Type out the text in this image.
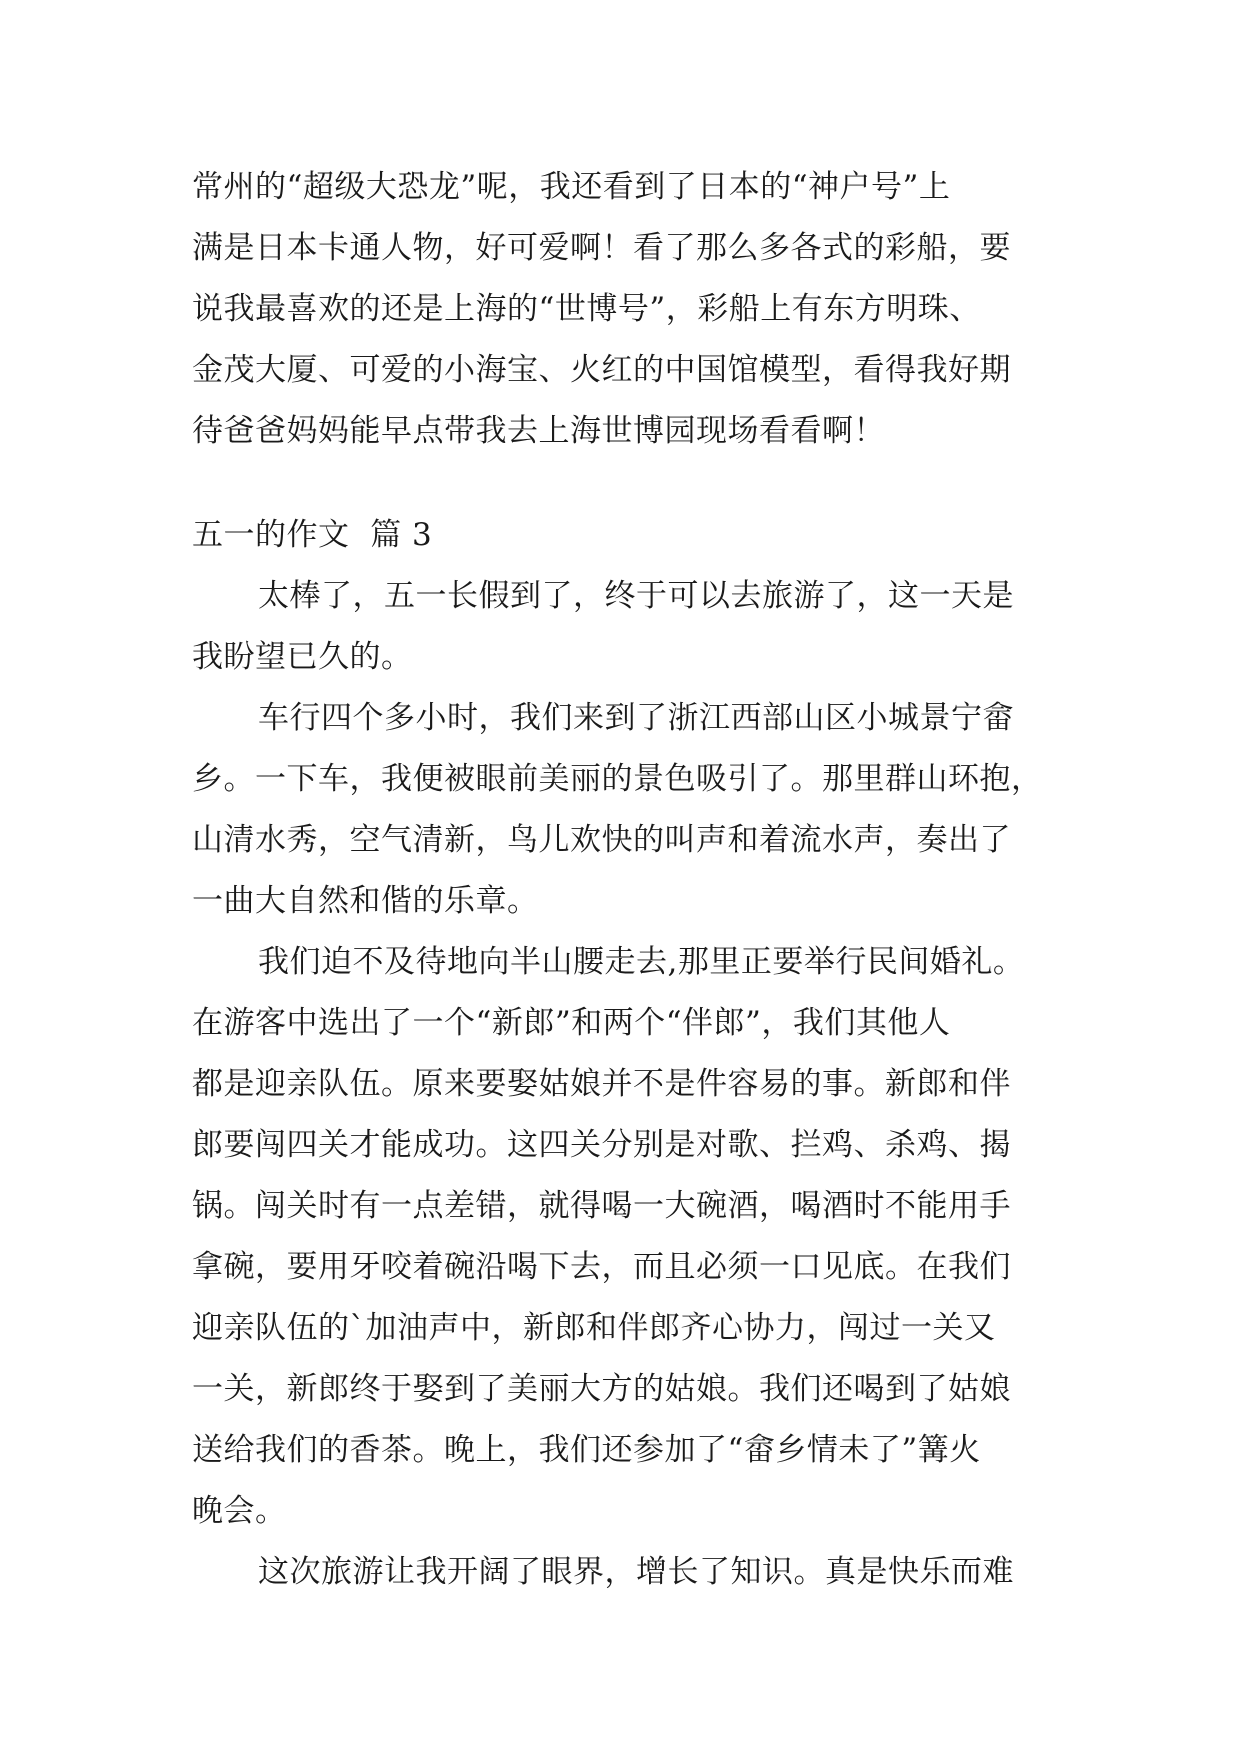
常州的“超级大恐龙”呢，我还看到了日本的“神户号”上
满是日本卡通人物，好可爱啊！看了那么多各式的彩船，要
说我最喜欢的还是上海的“世博号”，彩船上有东方明珠、
金茂大厦、可爱的小海宝、火红的中国馆模型，看得我好期
待爸爸妈妈能早点带我去上海世博园现场看看啊！
五一的作文  篇 3
太棒了，五一长假到了，终于可以去旅游了，这一天是
我盼望已久的。
车行四个多小时，我们来到了浙江西部山区小城景宁畲
乡。一下车，我便被眼前美丽的景色吸引了。那里群山环抱，
山清水秀，空气清新，鸟儿欢快的叫声和着流水声，奏出了
一曲大自然和偕的乐章。
我们迫不及待地向半山腰走去,那里正要举行民间婚礼。
在游客中选出了一个“新郎”和两个“伴郎”，我们其他人
都是迎亲队伍。原来要娶姑娘并不是件容易的事。新郎和伴
郎要闯四关才能成功。这四关分别是对歌、拦鸡、杀鸡、揭
锅。闯关时有一点差错，就得喝一大碗酒，喝酒时不能用手
拿碗，要用牙咬着碗沿喝下去，而且必须一口见底。在我们
迎亲队伍的`加油声中，新郎和伴郎齐心协力，闯过一关又
一关，新郎终于娶到了美丽大方的姑娘。我们还喝到了姑娘
送给我们的香茶。晚上，我们还参加了“畲乡情未了”篝火
晚会。
这次旅游让我开阔了眼界，增长了知识。真是快乐而难
